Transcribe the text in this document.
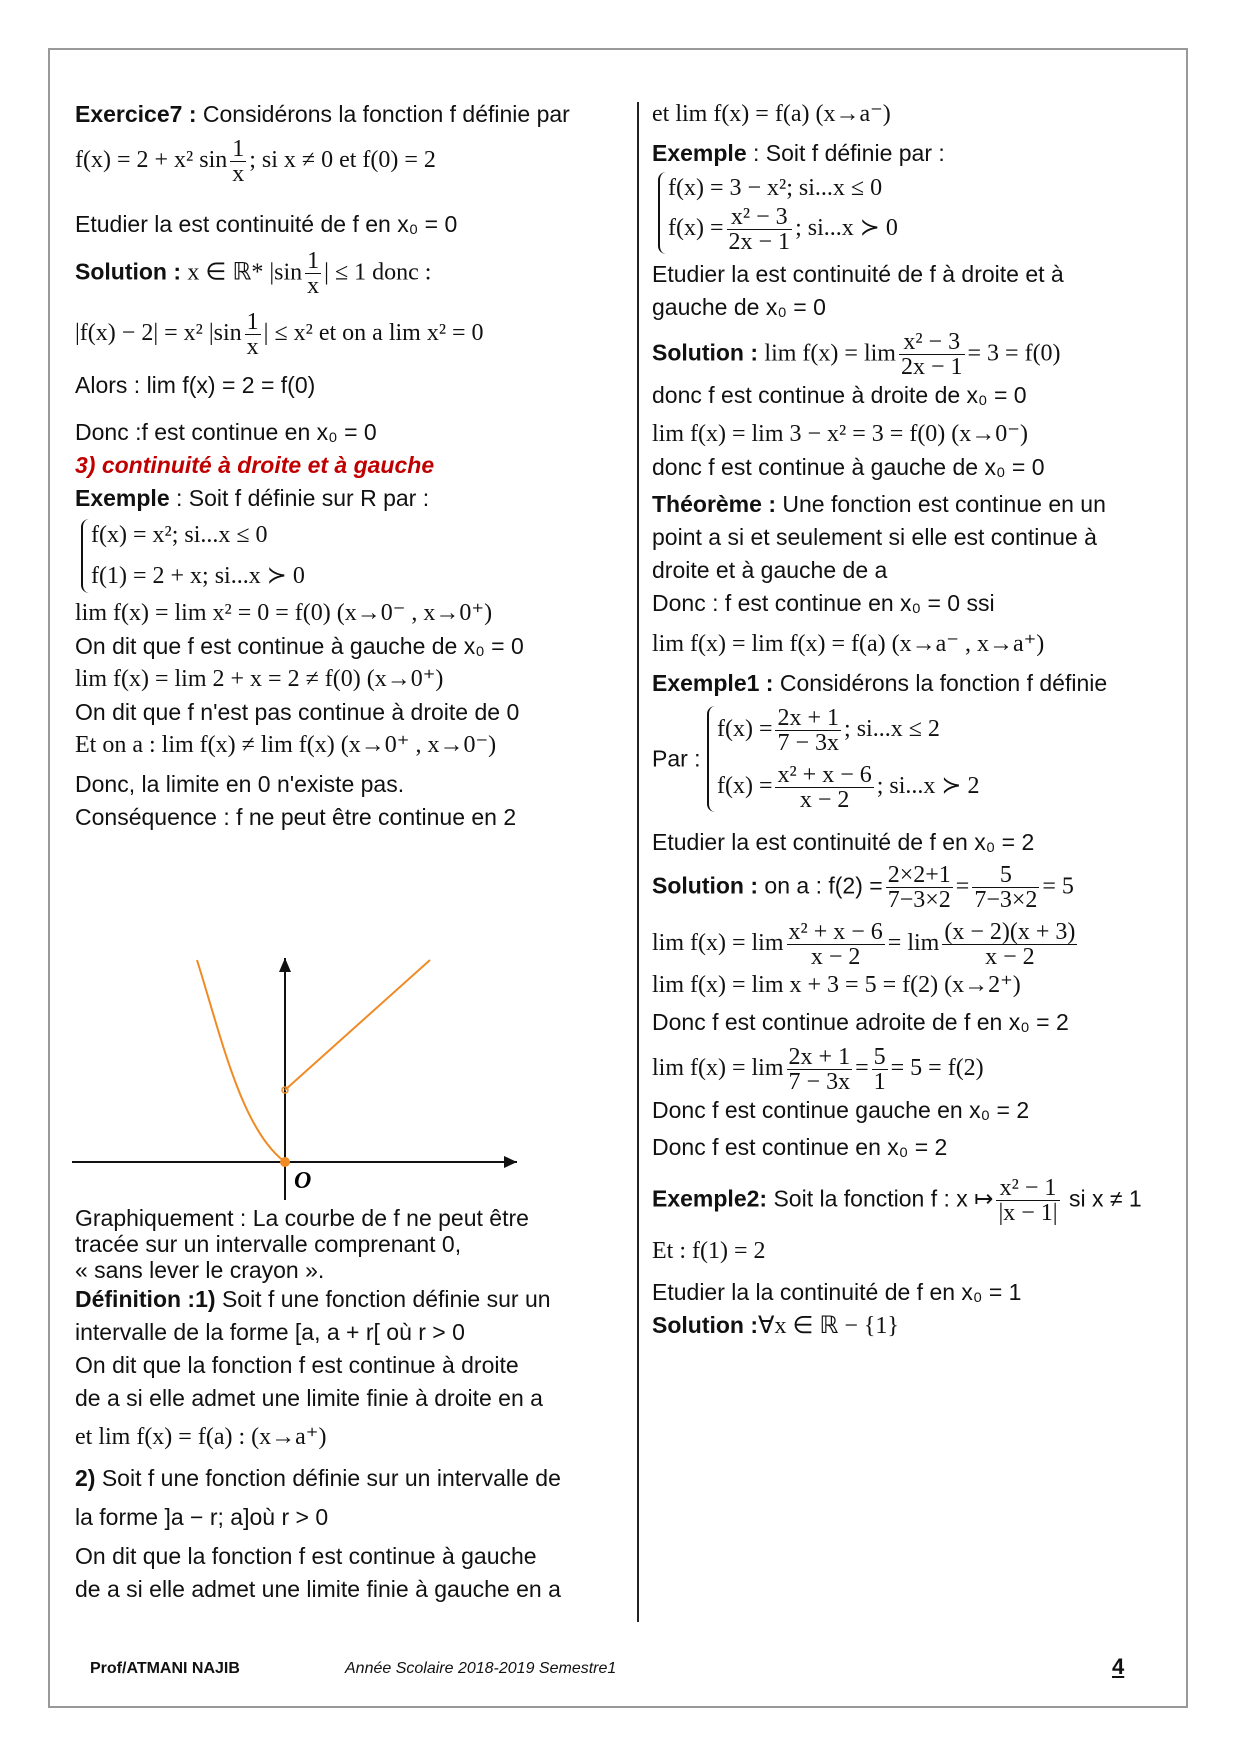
Exercice7 : Considérons la fonction f définie par
f(x) = 2 + x² $\sin \frac{1}{x}$ ; si x ≠ 0 et f(0) = 2
Etudier la est continuité de f en x₀ = 0
Solution : x ∈ ℝ* $|\sin \frac{1}{x}$ | ≤ 1 donc :
|f(x) − 2| = x² $|\sin \frac{1}{x}$ | ≤ x² et on a lim x² = 0
Alors : lim f(x) = 2 = f(0)
Donc :f est continue en x₀ = 0
3) continuité à droite et à gauche
Exemple : Soit f définie sur R par :
f(x) = x²; si...x ≤ 0
f(1) = 2 + x; si...x ≻ 0
lim f(x) = lim x² = 0 = f(0) (x→0⁻ , x→0⁺)
On dit que f est continue à gauche de x₀ = 0
lim f(x) = lim 2 + x = 2 ≠ f(0) (x→0⁺)
On dit que f n'est pas continue à droite de 0
Et on a : lim f(x) ≠ lim f(x) (x→0⁺ , x→0⁻)
Donc, la limite en 0 n'existe pas.
Conséquence : f ne peut être continue en 2
O
Graphiquement : La courbe de f ne peut être
tracée sur un intervalle comprenant 0,
« sans lever le crayon ».
Définition :1) Soit f une fonction définie sur un
intervalle de la forme [a, a + r[ où r > 0
On dit que la fonction f est continue à droite
de a si elle admet une limite finie à droite en a
et lim f(x) = f(a) : (x→a⁺)
2) Soit f une fonction définie sur un intervalle de
la forme ]a − r; a]où r > 0
On dit que la fonction f est continue à gauche
de a si elle admet une limite finie à gauche en a
et lim f(x) = f(a) (x→a⁻)
Exemple : Soit f définie par :
f(x) = 3 − x²; si...x ≤ 0
$f(x) = \frac{\text{x² − 3}}{2x - 1}$ ; si...x ≻ 0
Etudier la est continuité de f à droite et à
gauche de x₀ = 0
Solution : $\lim f(x) = \lim \frac{\text{x² − 3}}{2x - 1} = 3 = f(0)$
donc f est continue à droite de x₀ = 0
lim f(x) = lim 3 − x² = 3 = f(0) (x→0⁻)
donc f est continue à gauche de x₀ = 0
Théorème : Une fonction est continue en un
point a si et seulement si elle est continue à
droite et à gauche de a
Donc : f est continue en x₀ = 0 ssi
lim f(x) = lim f(x) = f(a) (x→a⁻ , x→a⁺)
Exemple1 : Considérons la fonction f définie
Par :
$f(x) = \frac{2x + 1}{7 - 3x}$ ; si...x ≤ 2
$f(x) = \frac{\text{x² + x − 6}}{x - 2}$ ; si...x ≻ 2
Etudier la est continuité de f en x₀ = 2
Solution : on a : $f(2) = \frac{2\times 2+1}{7-3\times 2} = \frac{5}{7-3\times 2} = 5$
$\lim f(x) = \lim \frac{\text{x² + x − 6}}{x - 2} = \lim \frac{(x - 2)(x + 3)}{x - 2}$
lim f(x) = lim x + 3 = 5 = f(2) (x→2⁺)
Donc f est continue adroite de f en x₀ = 2
$\lim f(x) = \lim \frac{2x + 1}{7 - 3x} = \frac{5}{1} = 5 = f(2)$
Donc f est continue gauche en x₀ = 2
Donc f est continue en x₀ = 2
Exemple2: Soit la fonction f : x ↦ $\frac{\text{x² − 1}}{|x - 1|}$ si x ≠ 1
Et : f(1) = 2
Etudier la la continuité de f en x₀ = 1
Solution :∀x ∈ ℝ − {1}
Prof/ATMANI NAJIB	Année Scolaire 2018-2019 Semestre1	4
